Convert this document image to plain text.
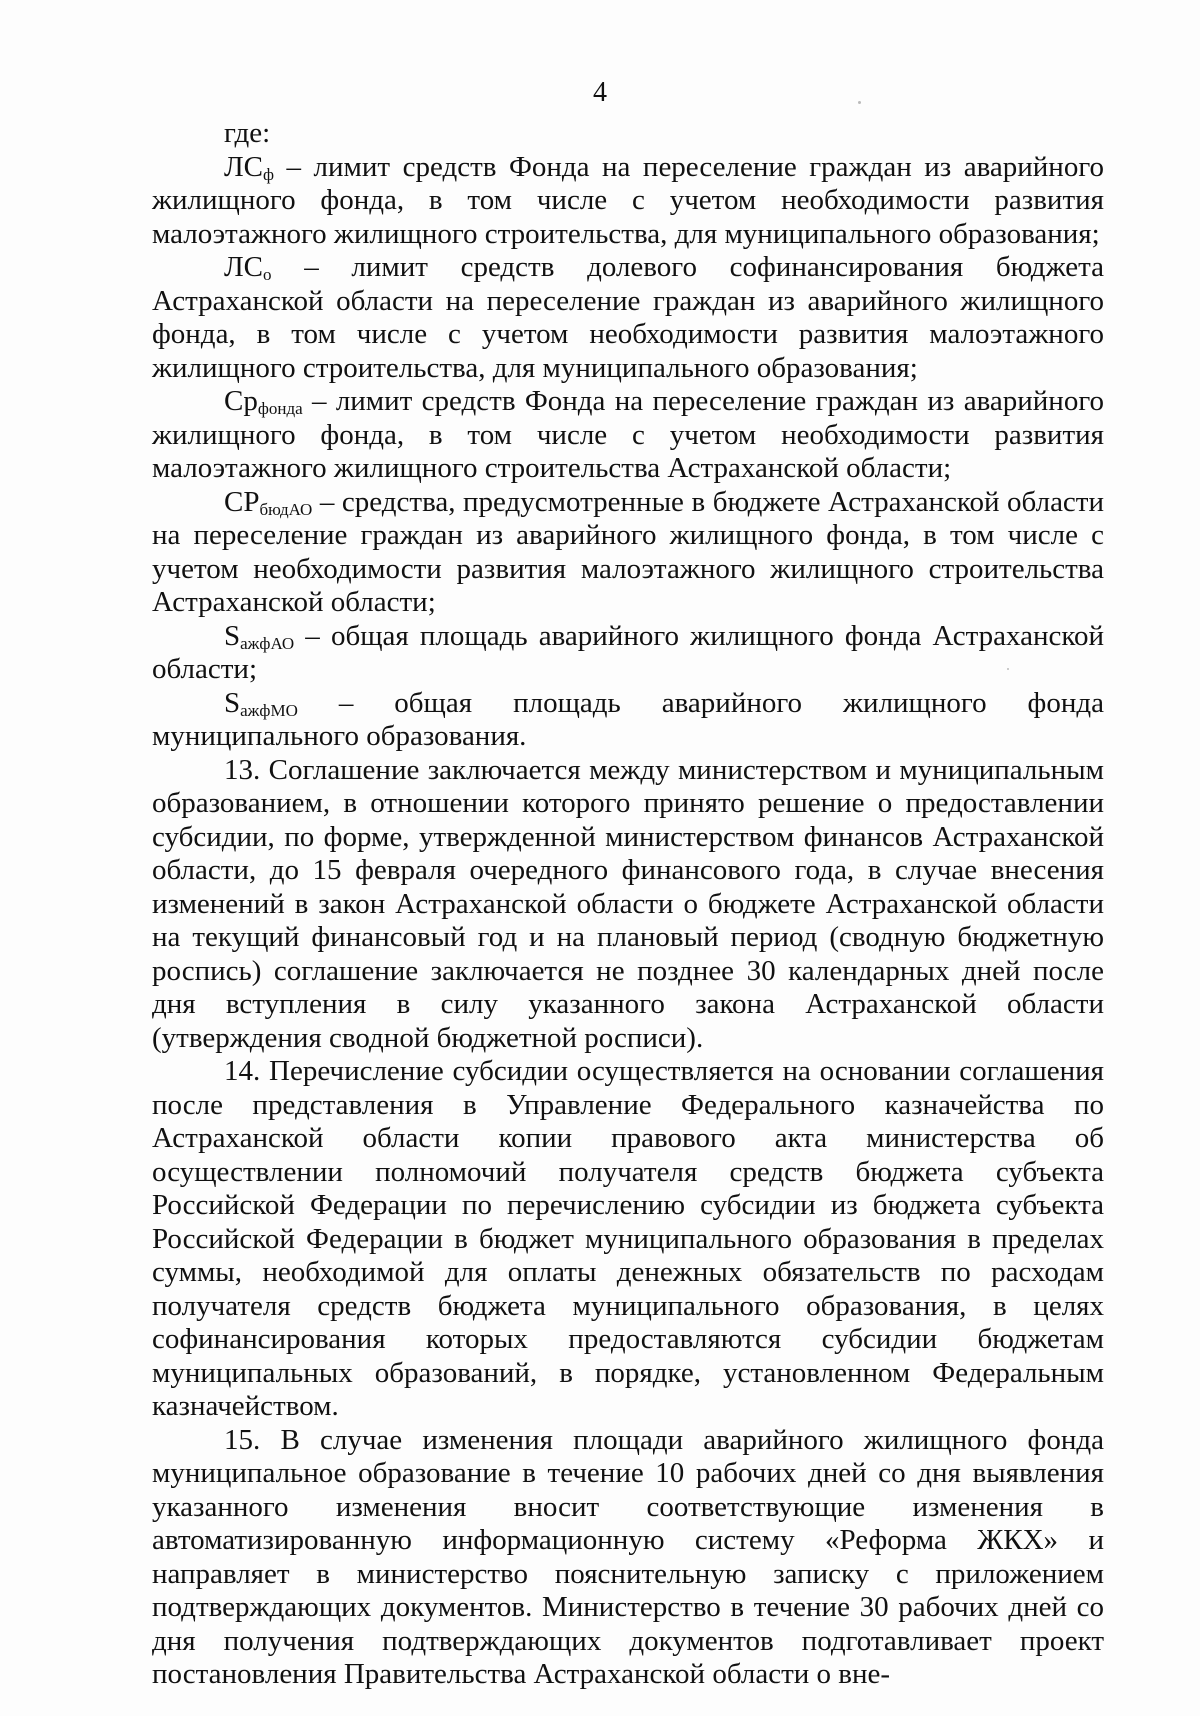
4
где:

$ЛС_ф$ – лимит средств Фонда на переселение граждан из аварийного жилищного фонда, в том числе с учетом необходимости развития малоэтажного жилищного строительства, для муниципального образования;

$ЛС_о$ – лимит средств долевого софинансирования бюджета Астраханской области на переселение граждан из аварийного жилищного фонда, в том числе с учетом необходимости развития малоэтажного жилищного строительства, для муниципального образования;

$Ср_{фонда}$ – лимит средств Фонда на переселение граждан из аварийного жилищного фонда, в том числе с учетом необходимости развития малоэтажного жилищного строительства Астраханской области;

$СР_{бюдАО}$ – средства, предусмотренные в бюджете Астраханской области на переселение граждан из аварийного жилищного фонда, в том числе с учетом необходимости развития малоэтажного жилищного строительства Астраханской области;

$S_{ажфАО}$ – общая площадь аварийного жилищного фонда Астраханской области;

$S_{ажфМО}$ – общая площадь аварийного жилищного фонда муниципального образования.

13. Соглашение заключается между министерством и муниципальным образованием, в отношении которого принято решение о предоставлении субсидии, по форме, утвержденной министерством финансов Астраханской области, до 15 февраля очередного финансового года, в случае внесения изменений в закон Астраханской области о бюджете Астраханской области на текущий финансовый год и на плановый период (сводную бюджетную роспись) соглашение заключается не позднее 30 календарных дней после дня вступления в силу указанного закона Астраханской области (утверждения сводной бюджетной росписи).

14. Перечисление субсидии осуществляется на основании соглашения после представления в Управление Федерального казначейства по Астраханской области копии правового акта министерства об осуществлении полномочий получателя средств бюджета субъекта Российской Федерации по перечислению субсидии из бюджета субъекта Российской Федерации в бюджет муниципального образования в пределах суммы, необходимой для оплаты денежных обязательств по расходам получателя средств бюджета муниципального образования, в целях софинансирования которых предоставляются субсидии бюджетам муниципальных образований, в порядке, установленном Федеральным казначейством.

15. В случае изменения площади аварийного жилищного фонда муниципальное образование в течение 10 рабочих дней со дня выявления указанного изменения вносит соответствующие изменения в автоматизированную информационную систему «Реформа ЖКХ» и направляет в министерство пояснительную записку с приложением подтверждающих документов. Министерство в течение 30 рабочих дней со дня получения подтверждающих документов подготавливает проект постановления Правительства Астраханской области о вне-
